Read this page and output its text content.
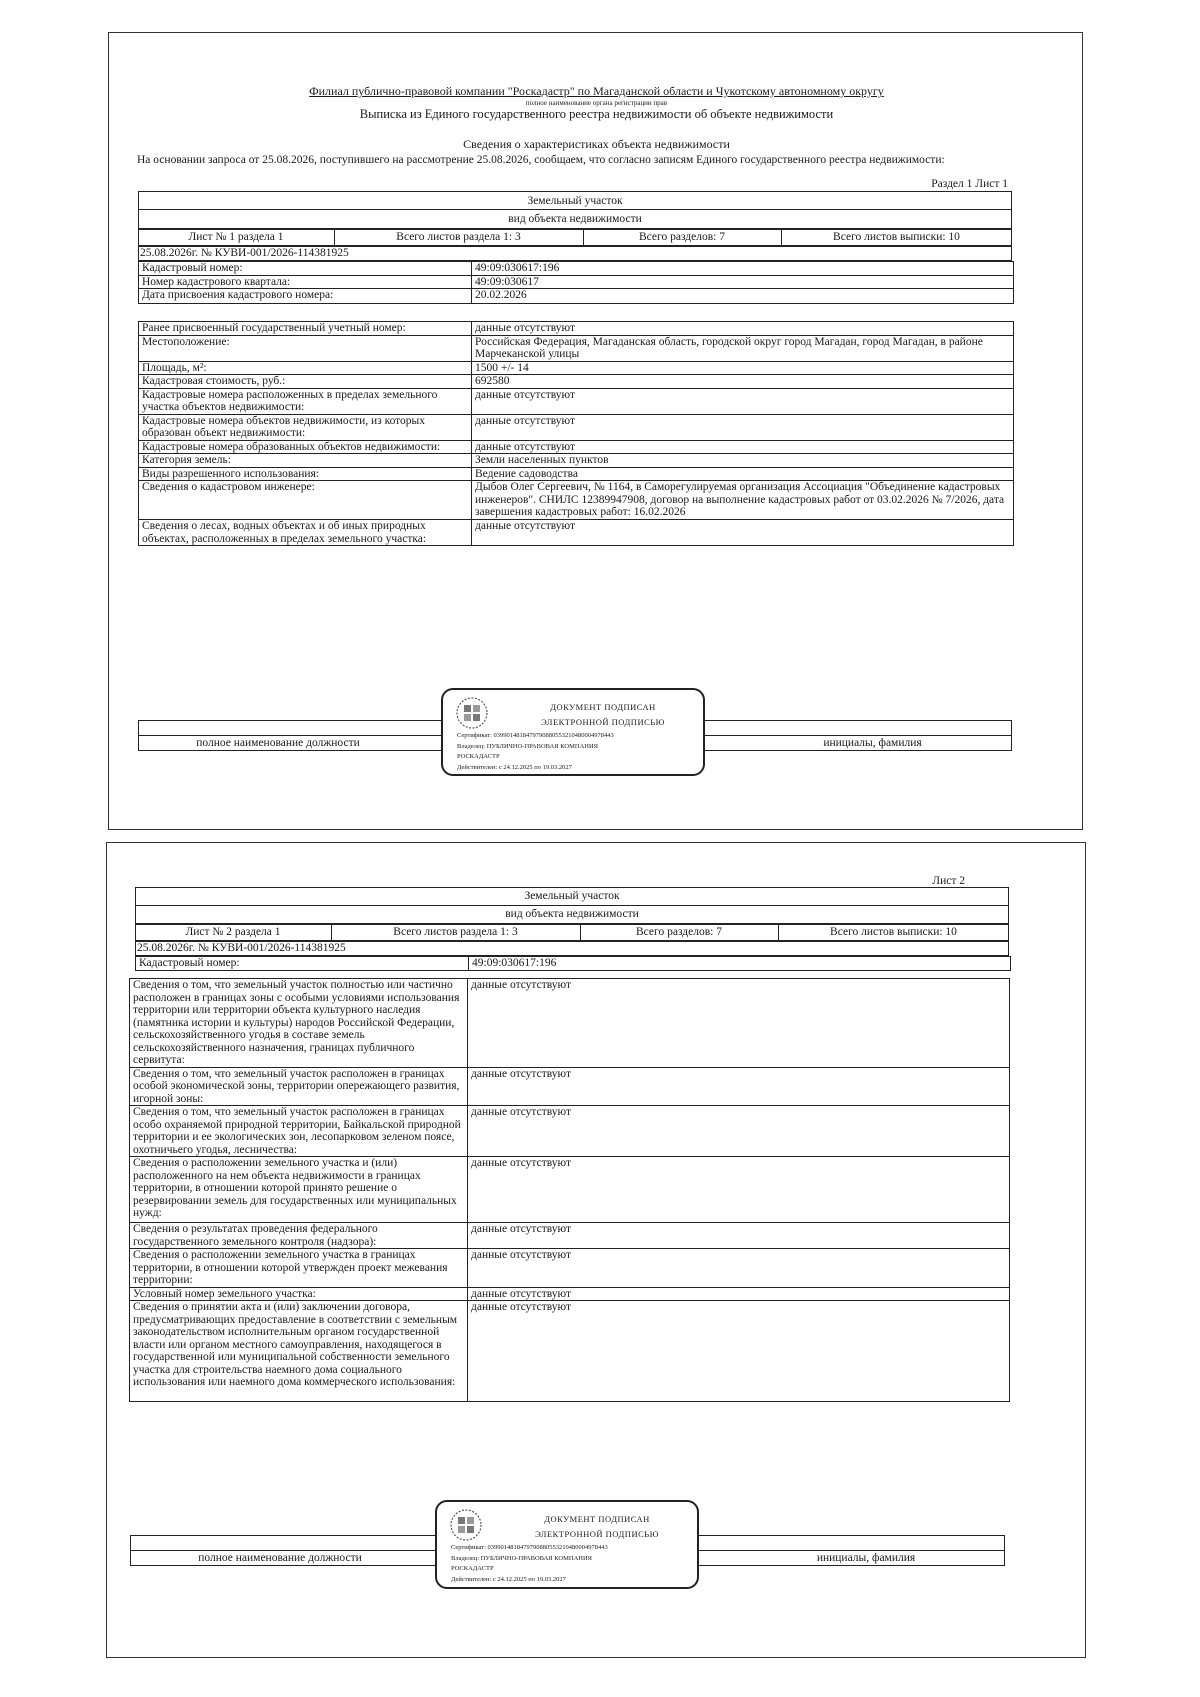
Филиал публично-правовой компании "Роскадастр" по Магаданской области и Чукотскому автономному округу
полное наименование органа регистрации прав
Выписка из Единого государственного реестра недвижимости об объекте недвижимости
Сведения о характеристиках объекта недвижимости
На основании запроса от 25.08.2026, поступившего на рассмотрение 25.08.2026, сообщаем, что согласно записям Единого государственного реестра недвижимости:
Раздел 1 Лист 1
Земельный участок
вид объекта недвижимости
Лист № 1 раздела 1	Всего листов раздела 1: 3	Всего разделов: 7	Всего листов выписки: 10
25.08.2026г. № КУВИ-001/2026-114381925
Кадастровый номер:	49:09:030617:196
Номер кадастрового квартала:	49:09:030617
Дата присвоения кадастрового номера:	20.02.2026
Ранее присвоенный государственный учетный номер:	данные отсутствуют
Местоположение:	Российская Федерация, Магаданская область, городской округ город Магадан, город Магадан, в районе Марчеканской улицы
Площадь, м²:	1500 +/- 14
Кадастровая стоимость, руб.:	692580
Кадастровые номера расположенных в пределах земельного участка объектов недвижимости:	данные отсутствуют
Кадастровые номера объектов недвижимости, из которых образован объект недвижимости:	данные отсутствуют
Кадастровые номера образованных объектов недвижимости:	данные отсутствуют
Категория земель:	Земли населенных пунктов
Виды разрешенного использования:	Ведение садоводства
Сведения о кадастровом инженере:	Дыбов Олег Сергеевич, № 1164, в Саморегулируемая организация Ассоциация "Объединение кадастровых инженеров". СНИЛС 12389947908, договор на выполнение кадастровых работ от 03.02.2026 № 7/2026, дата завершения кадастровых работ: 16.02.2026
Сведения о лесах, водных объектах и об иных природных объектах, расположенных в пределах земельного участка:	данные отсутствуют
полное наименование должности	инициалы, фамилия
ДОКУМЕНТ ПОДПИСАН
ЭЛЕКТРОННОЙ ПОДПИСЬЮ
Сертификат: 0399014818479790880553210480004978443
Владелец: ПУБЛИЧНО-ПРАВОВАЯ КОМПАНИЯ
РОСКАДАСТР
Действителен: с 24.12.2025 по 19.03.2027
Лист 2
Земельный участок
вид объекта недвижимости
Лист № 2 раздела 1	Всего листов раздела 1: 3	Всего разделов: 7	Всего листов выписки: 10
25.08.2026г. № КУВИ-001/2026-114381925
Кадастровый номер:	49:09:030617:196
Сведения о том, что земельный участок полностью или частично расположен в границах зоны с особыми условиями использования территории или территории объекта культурного наследия (памятника истории и культуры) народов Российской Федерации, сельскохозяйственного угодья в составе земель сельскохозяйственного назначения, границах публичного сервитута:	данные отсутствуют
Сведения о том, что земельный участок расположен в границах особой экономической зоны, территории опережающего развития, игорной зоны:	данные отсутствуют
Сведения о том, что земельный участок расположен в границах особо охраняемой природной территории, Байкальской природной территории и ее экологических зон, лесопарковом зеленом поясе, охотничьего угодья, лесничества:	данные отсутствуют
Сведения о расположении земельного участка и (или) расположенного на нем объекта недвижимости в границах территории, в отношении которой принято решение о резервировании земель для государственных или муниципальных нужд:	данные отсутствуют
Сведения о результатах проведения федерального государственного земельного контроля (надзора):	данные отсутствуют
Сведения о расположении земельного участка в границах территории, в отношении которой утвержден проект межевания территории:	данные отсутствуют
Условный номер земельного участка:	данные отсутствуют
Сведения о принятии акта и (или) заключении договора, предусматривающих предоставление в соответствии с земельным законодательством исполнительным органом государственной власти или органом местного самоуправления, находящегося в государственной или муниципальной собственности земельного участка для строительства наемного дома социального использования или наемного дома коммерческого использования:	данные отсутствуют
полное наименование должности	инициалы, фамилия
ДОКУМЕНТ ПОДПИСАН
ЭЛЕКТРОННОЙ ПОДПИСЬЮ
Сертификат: 0399014818479790880553210480004978443
Владелец: ПУБЛИЧНО-ПРАВОВАЯ КОМПАНИЯ
РОСКАДАСТР
Действителен: с 24.12.2025 по 19.03.2027
